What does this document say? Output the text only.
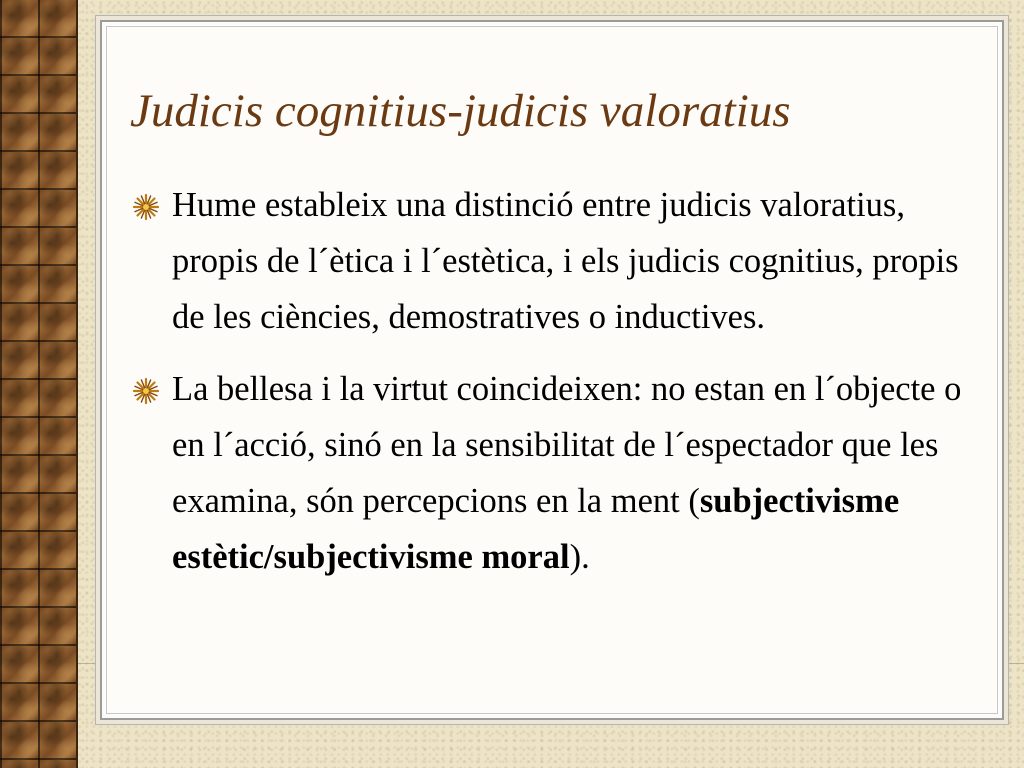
Judicis cognitius-judicis valoratius
Hume estableix una distinció entre judicis valoratius, propis de l´ètica i l´estètica, i els judicis cognitius, propis de les ciències, demostratives o inductives.
La bellesa i la virtut coincideixen: no estan en l´objecte o en l´acció, sinó en la sensibilitat de l´espectador que les examina, són percepcions en la ment (subjectivisme estètic/subjectivisme moral).
